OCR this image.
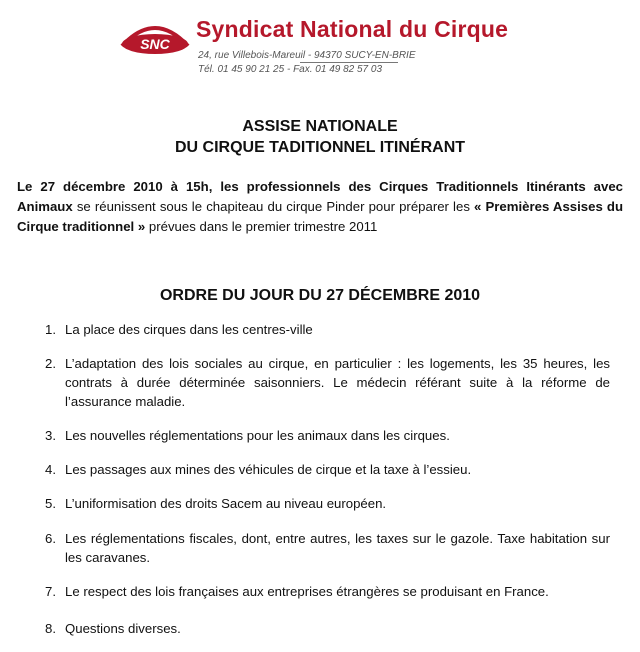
SNC
Syndicat National du Cirque
24, rue Villebois-Mareuil - 94370 SUCY-EN-BRIE
Tél. 01 45 90 21 25 - Fax. 01 49 82 57 03
ASSISE NATIONALE
DU CIRQUE TADITIONNEL ITINÉRANT
Le 27 décembre 2010 à 15h, les professionnels des Cirques Traditionnels Itinérants avec Animaux se réunissent sous le chapiteau du cirque Pinder pour préparer les « Premières Assises du Cirque traditionnel » prévues dans le premier trimestre 2011
ORDRE DU JOUR DU 27 DÉCEMBRE 2010
1. La place des cirques dans les centres-ville
2. L’adaptation des lois sociales au cirque, en particulier : les logements, les 35 heures, les contrats à durée déterminée saisonniers. Le médecin référant suite à la réforme de l’assurance maladie.
3. Les nouvelles réglementations pour les animaux dans les cirques.
4. Les passages aux mines des véhicules de cirque et la taxe à l’essieu.
5. L’uniformisation des droits Sacem au niveau européen.
6. Les réglementations fiscales, dont, entre autres, les taxes sur le gazole. Taxe habitation sur les caravanes.
7. Le respect des lois françaises aux entreprises étrangères se produisant en France.
8. Questions diverses.
